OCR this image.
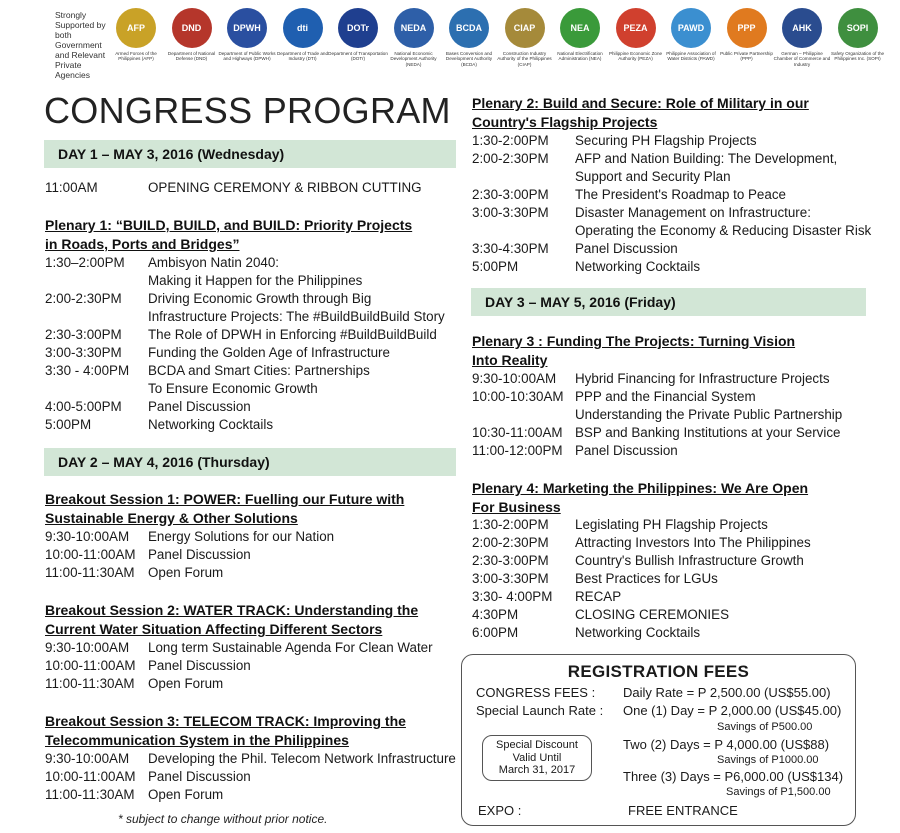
Strongly Supported by both Government and Relevant Private Agencies
AFP
Armed Forces of the Philippines (AFP)
DND
Department of National Defense (DND)
DPWH
Department of Public Works and Highways (DPWH)
dti
Department of Trade and Industry (DTI)
DOTr
Department of Transportation (DOTr)
NEDA
National Economic Development Authority (NEDA)
BCDA
Bases Conversion and Development Authority (BCDA)
CIAP
Construction Industry Authority of the Philippines (CIAP)
NEA
National Electrification Administration (NEA)
PEZA
Philippine Economic Zone Authority (PEZA)
PAWD
Philippine Association of Water Districts (PAWD)
PPP
Public Private Partnership (PPP)
AHK
German – Philippine Chamber of Commerce and Industry
SOPI
Safety Organization of the Philippines Inc. (SOPI)
CONGRESS PROGRAM
DAY 1 – MAY 3, 2016 (Wednesday)
11:00AM	OPENING CEREMONY & RIBBON CUTTING
Plenary 1: “BUILD, BUILD, and BUILD: Priority Projects
in Roads, Ports and Bridges”
1:30–2:00PM	Ambisyon Natin 2040:
Making it Happen for the Philippines
2:00-2:30PM	Driving Economic Growth through Big
Infrastructure Projects: The #BuildBuildBuild Story
2:30-3:00PM	The Role of DPWH in Enforcing #BuildBuildBuild
3:00-3:30PM	Funding the Golden Age of Infrastructure
3:30 - 4:00PM	BCDA and Smart Cities: Partnerships
To Ensure Economic Growth
4:00-5:00PM	Panel Discussion
5:00PM	Networking Cocktails
DAY 2 – MAY 4, 2016 (Thursday)
Breakout Session 1: POWER: Fuelling our Future with
Sustainable Energy & Other Solutions
9:30-10:00AM	Energy Solutions for our Nation
10:00-11:00AM Panel Discussion
11:00-11:30AM	Open Forum
Breakout Session 2: WATER TRACK: Understanding the
Current Water Situation Affecting Different Sectors
9:30-10:00AM	Long term Sustainable Agenda For Clean Water
10:00-11:00AM Panel Discussion
11:00-11:30AM	Open Forum
Breakout Session 3: TELECOM TRACK: Improving the
Telecommunication System in the Philippines
9:30-10:00AM	Developing the Phil. Telecom Network Infrastructure
10:00-11:00AM Panel Discussion
11:00-11:30AM	Open Forum
* subject to change without prior notice.
Plenary 2: Build and Secure: Role of Military in our
Country's Flagship Projects
1:30-2:00PM	Securing PH Flagship Projects
2:00-2:30PM	AFP and Nation Building: The Development,
Support and Security Plan
2:30-3:00PM	The President's Roadmap to Peace
3:00-3:30PM	Disaster Management on Infrastructure:
Operating the Economy & Reducing Disaster Risk
3:30-4:30PM	Panel Discussion
5:00PM	Networking Cocktails
DAY 3 – MAY 5, 2016 (Friday)
Plenary 3 : Funding The Projects: Turning Vision
Into Reality
9:30-10:00AM	Hybrid Financing for Infrastructure Projects
10:00-10:30AM PPP and the Financial System
Understanding the Private Public Partnership
10:30-11:00AM BSP and Banking Institutions at your Service
11:00-12:00PM Panel Discussion
Plenary 4: Marketing the Philippines: We Are Open
For Business
1:30-2:00PM	Legislating PH Flagship Projects
2:00-2:30PM	Attracting Investors Into The Philippines
2:30-3:00PM	Country's Bullish Infrastructure Growth
3:00-3:30PM	Best Practices for LGUs
3:30- 4:00PM	RECAP
4:30PM	CLOSING CEREMONIES
6:00PM	Networking Cocktails
REGISTRATION FEES
CONGRESS FEES : Daily Rate = P 2,500.00 (US$55.00)
Special Launch Rate : One (1) Day = P 2,000.00 (US$45.00)
Savings of P500.00
Two (2) Days = P 4,000.00 (US$88)
Savings of P1000.00
Three (3) Days = P6,000.00 (US$134)
Savings of P1,500.00
Special Discount
Valid Until
March 31, 2017
EXPO :	FREE ENTRANCE
